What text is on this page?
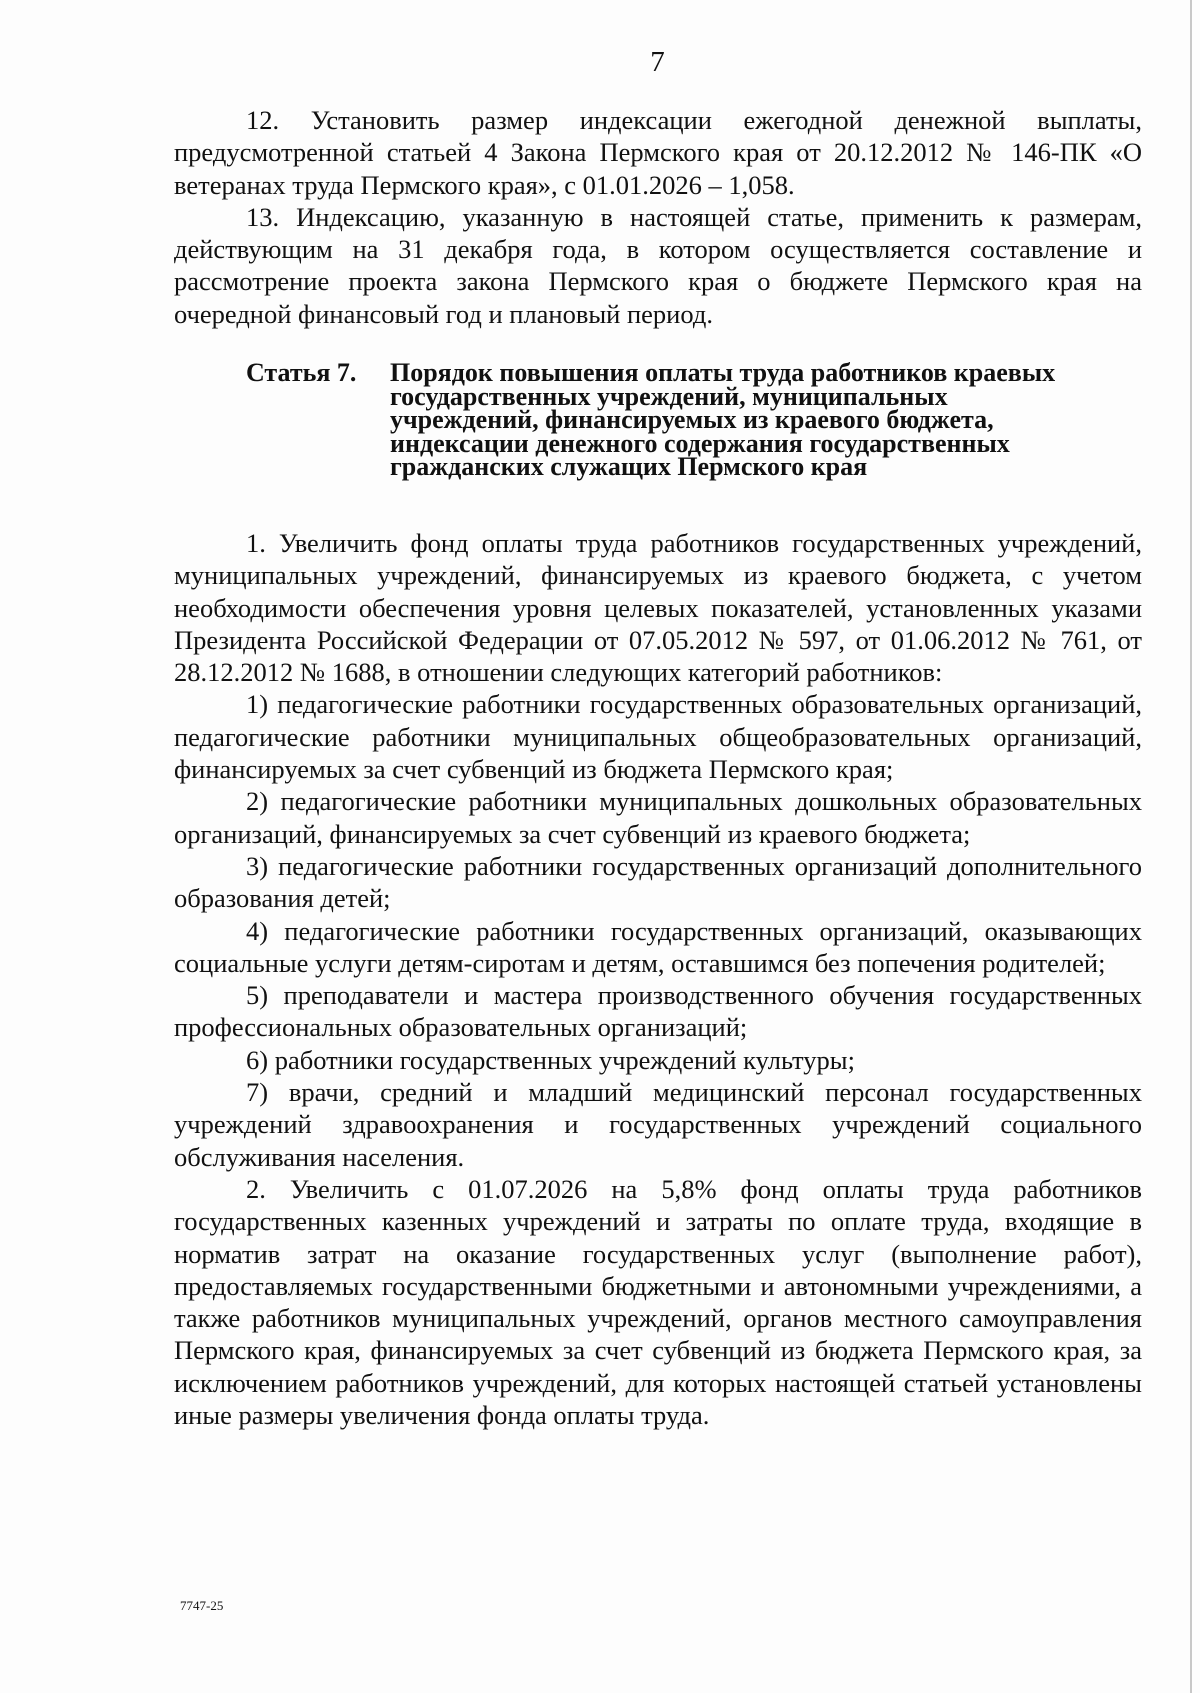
7

12. Установить размер индексации ежегодной денежной выплаты, предусмотренной статьей 4 Закона Пермского края от 20.12.2012 № 146-ПК «О ветеранах труда Пермского края», с 01.01.2026 – 1,058.

13. Индексацию, указанную в настоящей статье, применить к размерам, действующим на 31 декабря года, в котором осуществляется составление и рассмотрение проекта закона Пермского края о бюджете Пермского края на очередной финансовый год и плановый период.

Статья 7.	Порядок повышения оплаты труда работников краевых
государственных учреждений, муниципальных
учреждений, финансируемых из краевого бюджета,
индексации денежного содержания государственных
гражданских служащих Пермского края

1. Увеличить фонд оплаты труда работников государственных учреждений, муниципальных учреждений, финансируемых из краевого бюджета, с учетом необходимости обеспечения уровня целевых показателей, установленных указами Президента Российской Федерации от 07.05.2012 № 597, от 01.06.2012 № 761, от 28.12.2012 № 1688, в отношении следующих категорий работников:

1) педагогические работники государственных образовательных организаций, педагогические работники муниципальных общеобразовательных организаций, финансируемых за счет субвенций из бюджета Пермского края;

2) педагогические работники муниципальных дошкольных образовательных организаций, финансируемых за счет субвенций из краевого бюджета;

3) педагогические работники государственных организаций дополнительного образования детей;

4) педагогические работники государственных организаций, оказывающих социальные услуги детям-сиротам и детям, оставшимся без попечения родителей;

5) преподаватели и мастера производственного обучения государственных профессиональных образовательных организаций;

6) работники государственных учреждений культуры;

7) врачи, средний и младший медицинский персонал государственных учреждений здравоохранения и государственных учреждений социального обслуживания населения.

2. Увеличить с 01.07.2026 на 5,8% фонд оплаты труда работников государственных казенных учреждений и затраты по оплате труда, входящие в норматив затрат на оказание государственных услуг (выполнение работ), предоставляемых государственными бюджетными и автономными учреждениями, а также работников муниципальных учреждений, органов местного самоуправления Пермского края, финансируемых за счет субвенций из бюджета Пермского края, за исключением работников учреждений, для которых настоящей статьей установлены иные размеры увеличения фонда оплаты труда.

7747-25
